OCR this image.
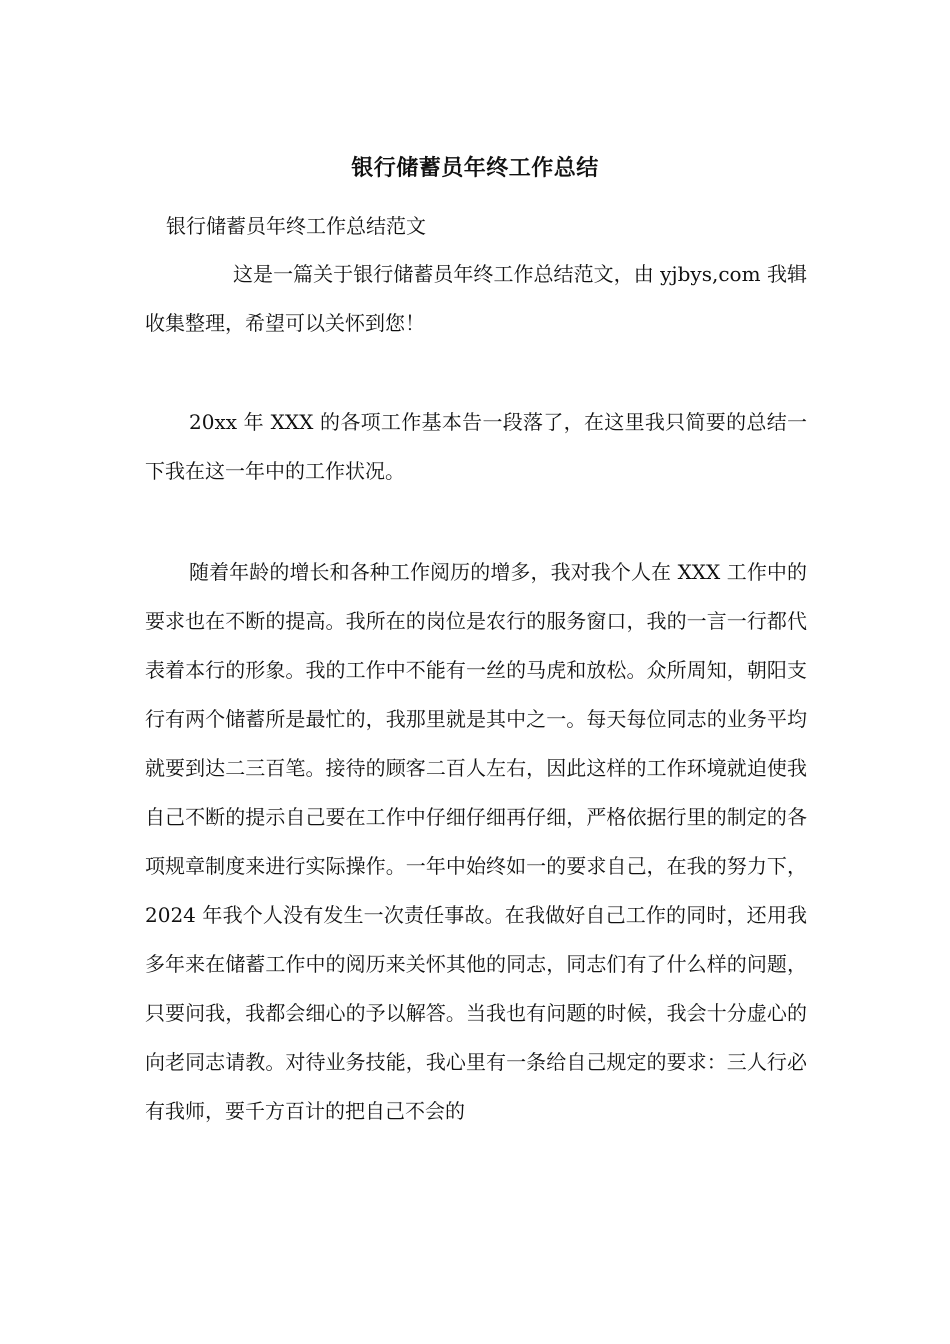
银行储蓄员年终工作总结
银行储蓄员年终工作总结范文
这是一篇关于银行储蓄员年终工作总结范文，由 yjbys,com 我辑收集整理，希望可以关怀到您！
20xx 年 XXX 的各项工作基本告一段落了，在这里我只简要的总结一下我在这一年中的工作状况。
随着年龄的增长和各种工作阅历的增多，我对我个人在 XXX 工作中的要求也在不断的提高。我所在的岗位是农行的服务窗口，我的一言一行都代表着本行的形象。我的工作中不能有一丝的马虎和放松。众所周知，朝阳支行有两个储蓄所是最忙的，我那里就是其中之一。每天每位同志的业务平均就要到达二三百笔。接待的顾客二百人左右，因此这样的工作环境就迫使我自己不断的提示自己要在工作中仔细仔细再仔细，严格依据行里的制定的各项规章制度来进行实际操作。一年中始终如一的要求自己，在我的努力下，2024 年我个人没有发生一次责任事故。在我做好自己工作的同时，还用我多年来在储蓄工作中的阅历来关怀其他的同志，同志们有了什么样的问题，只要问我，我都会细心的予以解答。当我也有问题的时候，我会十分虚心的向老同志请教。对待业务技能，我心里有一条给自己规定的要求：三人行必有我师，要千方百计的把自己不会的
